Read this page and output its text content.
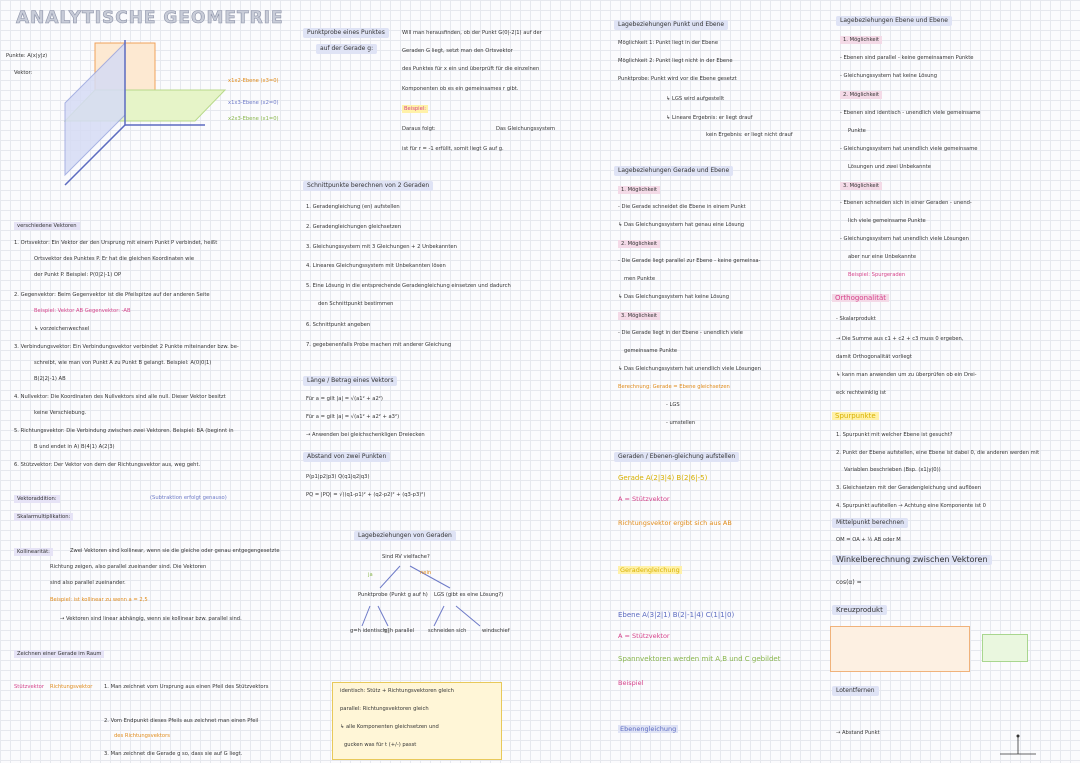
ANALYTISCHE GEOMETRIE
Punkte: A(x|y|z)
Vektor:
x1x2-Ebene (x3=0)
x1x3-Ebene (x2=0)
x2x3-Ebene (x1=0)
verschiedene Vektoren
1. Ortsvektor: Ein Vektor der den Ursprung mit einem Punkt P verbindet, heißt
Ortsvektor des Punktes P. Er hat die gleichen Koordinaten wie
der Punkt P. Beispiel: P(0|2|-1) OP
2. Gegenvektor: Beim Gegenvektor ist die Pfeilspitze auf der anderen Seite
Beispiel: Vektor AB Gegenvektor: -AB
↳ vorzeichenwechsel
3. Verbindungsvektor: Ein Verbindungsvektor verbindet 2 Punkte miteinander bzw. be-
schreibt, wie man von Punkt A zu Punkt B gelangt. Beispiel: A(0|0|1)
B(2|2|-1) AB
4. Nullvektor: Die Koordinaten des Nullvektors sind alle null. Dieser Vektor besitzt
keine Verschiebung.
5. Richtungsvektor: Die Verbindung zwischen zwei Vektoren. Beispiel: BA (beginnt in
B und endet in A) B(4|1) A(2|3)
6. Stützvektor: Der Vektor von dem der Richtungsvektor aus, weg geht.
Vektoraddition:	(Subtraktion erfolgt genauso)
Skalarmultiplikation:
Kollinearität:	Zwei Vektoren sind kollinear, wenn sie die gleiche oder genau entgegengesetzte
Richtung zeigen, also parallel zueinander sind. Die Vektoren
sind also parallel zueinander.
Beispiel: ist kollinear zu wenn a = 2,5
→ Vektoren sind linear abhängig, wenn sie kollinear bzw. parallel sind.
Zeichnen einer Gerade im Raum
Stützvektor Richtungsvektor 1. Man zeichnet vom Ursprung aus einen Pfeil des Stützvektors
2. Vom Endpunkt dieses Pfeils aus zeichnet man einen Pfeil
des Richtungsvektors
3. Man zeichnet die Gerade g so, dass sie auf G liegt.
Punktprobe eines Punktes
auf der Gerade g:
Will man herausfinden, ob der Punkt G(0|-2|1) auf der
Geraden G liegt, setzt man den Ortsvektor
des Punktes für x ein und überprüft für die einzelnen
Komponenten ob es ein gemeinsames r gibt.
Beispiel:
Daraus folgt:	Das Gleichungssystem
ist für r = -1 erfüllt, somit liegt G auf g.
Schnittpunkte berechnen von 2 Geraden
1. Geradengleichung (en) aufstellen
2. Geradengleichungen gleichsetzen
3. Gleichungssystem mit 3 Gleichungen + 2 Unbekannten
4. Lineares Gleichungssystem mit Unbekannten lösen
5. Eine Lösung in die entsprechende Geradengleichung einsetzen und dadurch
den Schnittpunkt bestimmen
6. Schnittpunkt angeben
7. gegebenenfalls Probe machen mit anderer Gleichung
Länge / Betrag eines Vektors
Für a = gilt |a| = √(a1² + a2²)
Für a = gilt |a| = √(a1² + a2² + a3²)
→ Anwenden bei gleichschenkligen Dreiecken
Abstand von zwei Punkten
P(p1|p2|p3) Q(q1|q2|q3)
PQ = |PQ| = √((q1-p1)² + (q2-p2)² + (q3-p3)²)
Lagebeziehungen von Geraden
Sind RV vielfache?
ja	nein
Punktprobe (Punkt g auf h) LGS (gibt es eine Lösung?)
g=h identisch
g∥h parallel	schneiden sich	windschief
identisch: Stütz + Richtungsvektoren gleich
parallel: Richtungsvektoren gleich
↳ alle Komponenten gleichsetzen und
gucken was für t (+/-) passt
Lagebeziehungen Punkt und Ebene
Möglichkeit 1: Punkt liegt in der Ebene
Möglichkeit 2: Punkt liegt nicht in der Ebene
Punktprobe: Punkt wird vor die Ebene gesetzt
↳ LGS wird aufgestellt
↳ Lineare Ergebnis: er liegt drauf
kein Ergebnis: er liegt nicht drauf
Lagebeziehungen Gerade und Ebene
1. Möglichkeit
- Die Gerade schneidet die Ebene in einem Punkt
↳ Das Gleichungssystem hat genau eine Lösung
2. Möglichkeit
- Die Gerade liegt parallel zur Ebene - keine gemeinsa-
men Punkte
↳ Das Gleichungssystem hat keine Lösung
3. Möglichkeit
- Die Gerade liegt in der Ebene - unendlich viele
gemeinsame Punkte
↳ Das Gleichungssystem hat unendlich viele Lösungen
Berechnung: Gerade = Ebene gleichsetzen
- LGS
- umstellen
Geraden / Ebenen-gleichung aufstellen
Gerade A(2|3|4) B(2|6|-5)
A = Stützvektor
Richtungsvektor ergibt sich aus AB
Geradengleichung
Ebene A(3|2|1) B(2|-1|4) C(1|1|0)
A = Stützvektor
Spannvektoren werden mit A,B und C gebildet
Beispiel
Ebenengleichung
Lagebeziehungen Ebene und Ebene
1. Möglichkeit
- Ebenen sind parallel - keine gemeinsamen Punkte
- Gleichungssystem hat keine Lösung
2. Möglichkeit
- Ebenen sind identisch - unendlich viele gemeinsame
Punkte
- Gleichungssystem hat unendlich viele gemeinsame
Lösungen und zwei Unbekannte
3. Möglichkeit
- Ebenen schneiden sich in einer Geraden - unend-
lich viele gemeinsame Punkte
- Gleichungssystem hat unendlich viele Lösungen
aber nur eine Unbekannte
Beispiel: Spurgeraden
Orthogonalität
- Skalarprodukt
→ Die Summe aus c1 + c2 + c3 muss 0 ergeben,
damit Orthogonalität vorliegt
↳ kann man anwenden um zu überprüfen ob ein Drei-
eck rechtwinklig ist
Spurpunkte
1. Spurpunkt mit welcher Ebene ist gesucht?
2. Punkt der Ebene aufstellen, eine Ebene ist dabei 0, die anderen werden mit
Variablen beschrieben (Bsp. (x1|y|0))
3. Gleichsetzen mit der Geradengleichung und auflösen
4. Spurpunkt aufstellen → Achtung eine Komponente ist 0
Mittelpunkt berechnen
OM = OA + ½ AB oder M
Winkelberechnung zwischen Vektoren
cos(α) =
Kreuzprodukt
Lotentfernen
→ Abstand Punkt
